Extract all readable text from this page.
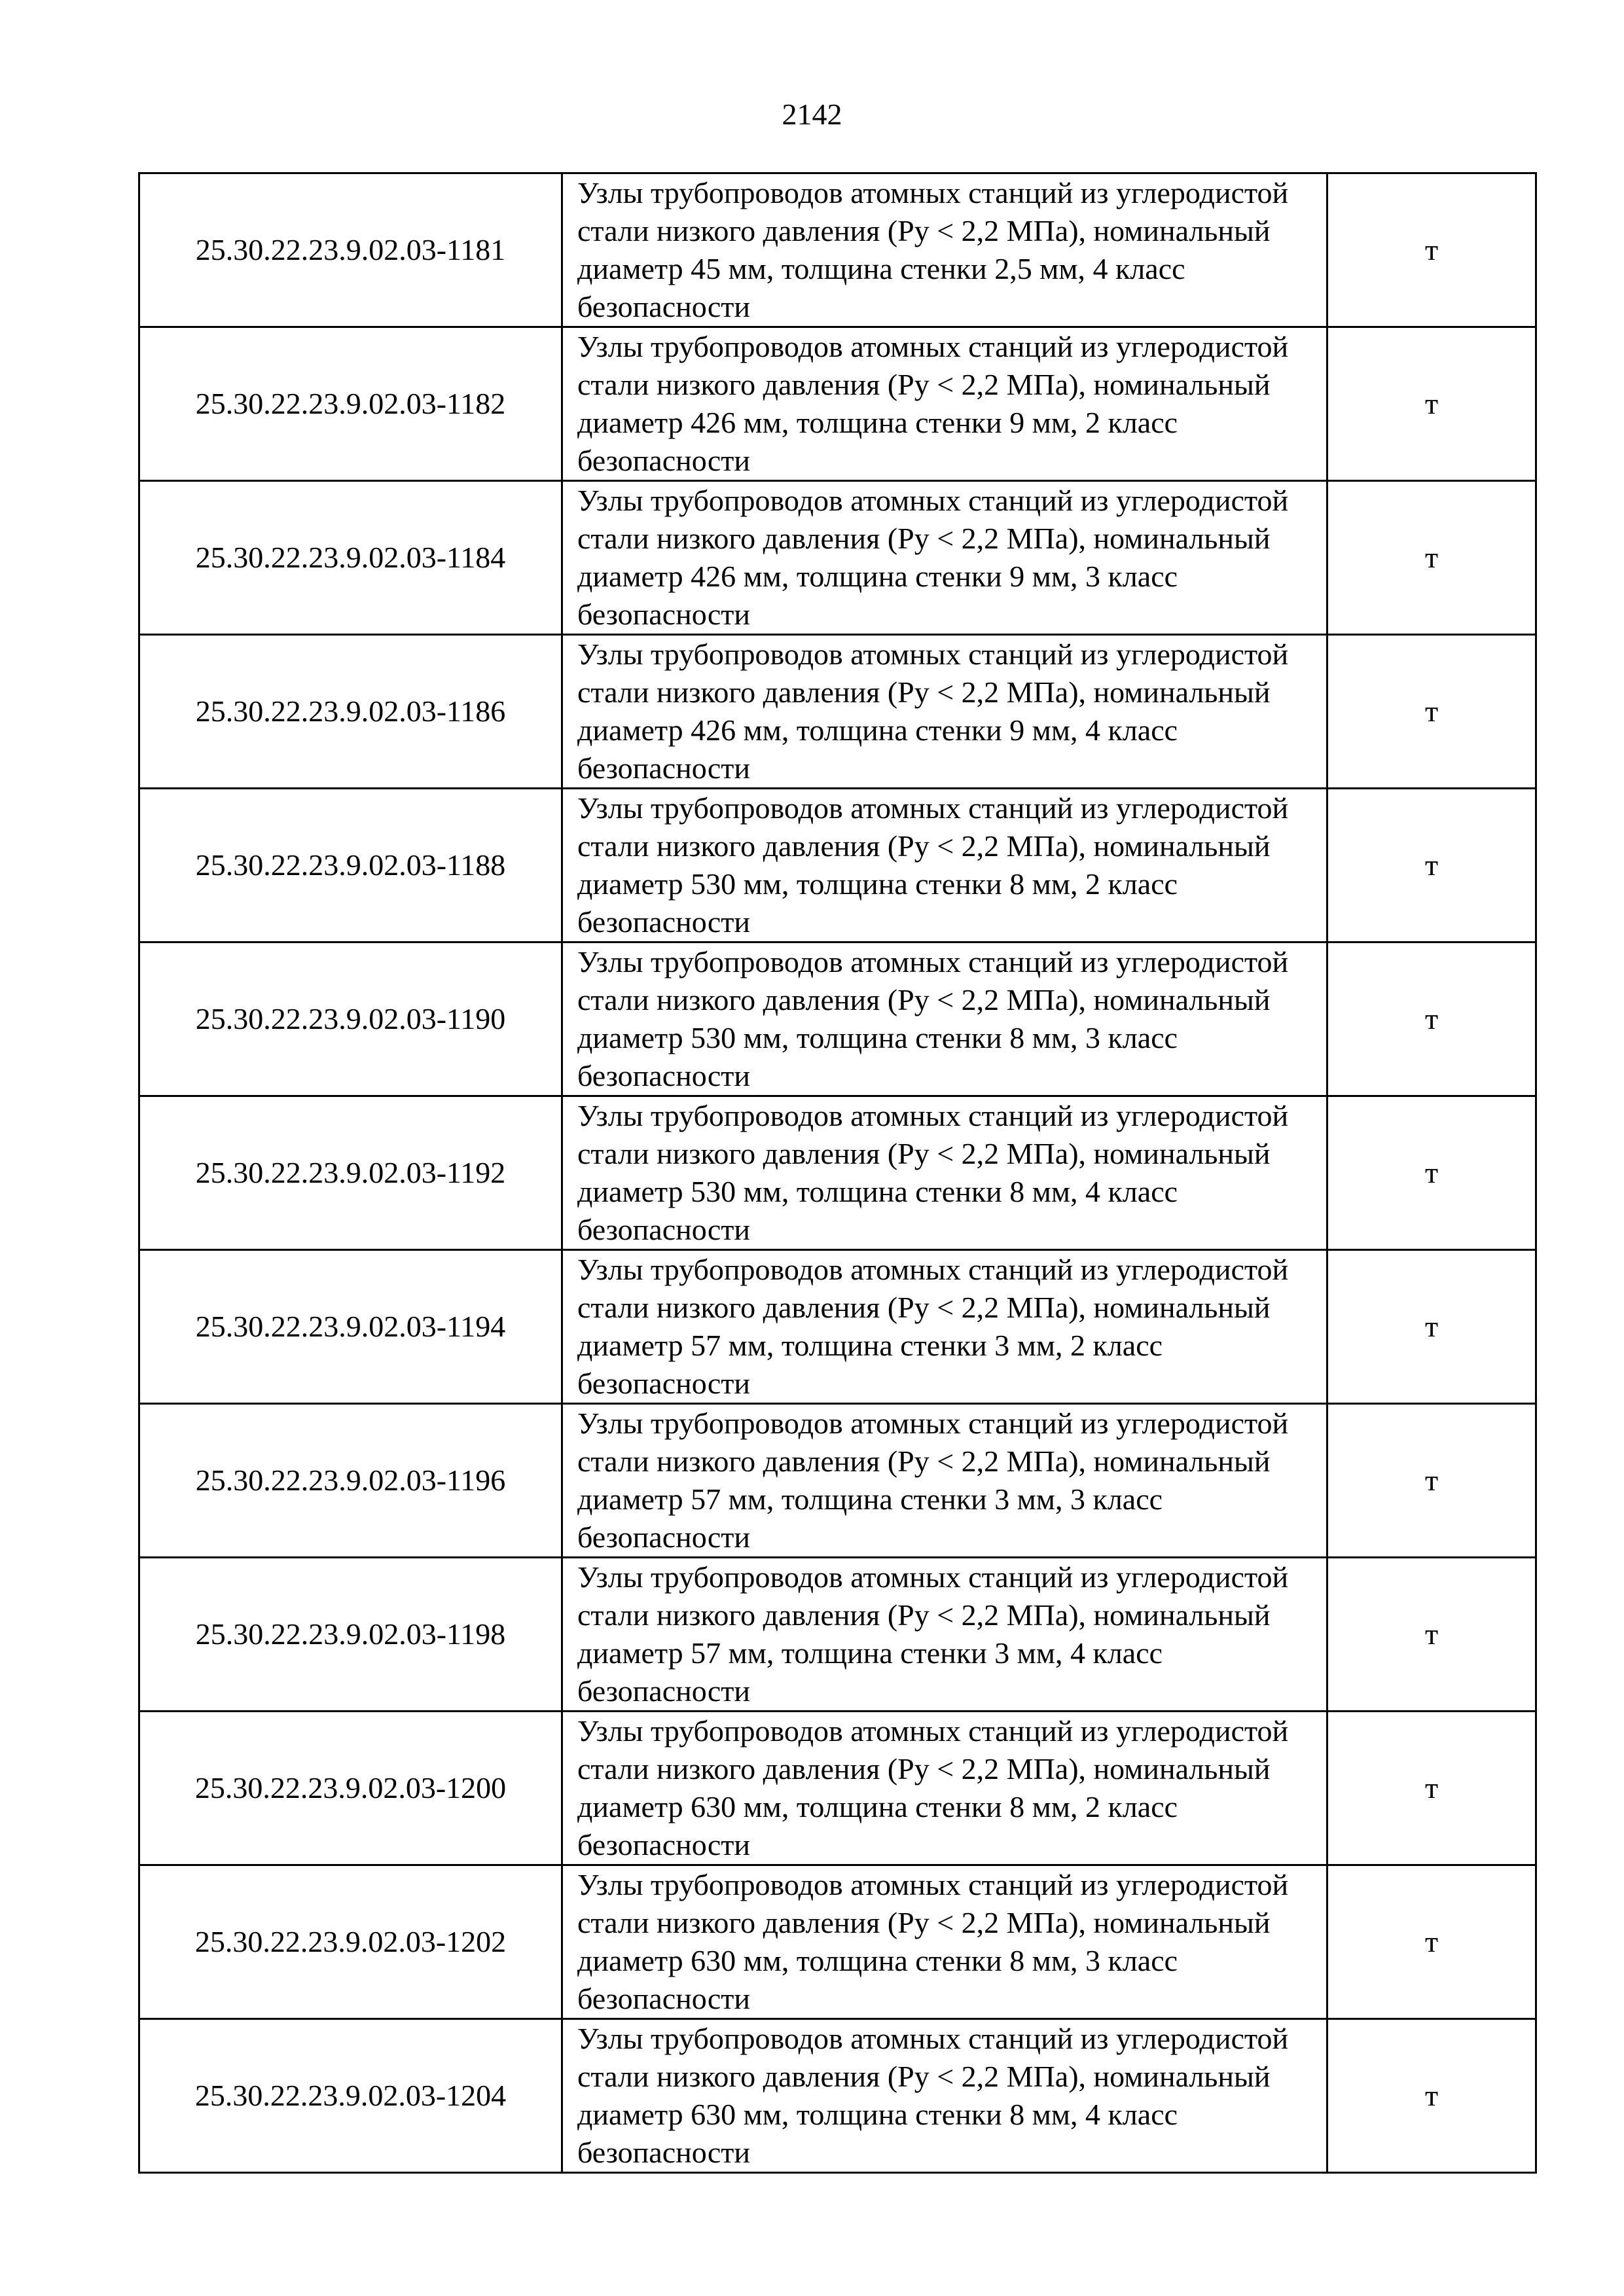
2142
25.30.22.23.9.02.03-1181	Узлы трубопроводов атомных станций из углеродистой стали низкого давления (Ру < 2,2 МПа), номинальный диаметр 45 мм, толщина стенки 2,5 мм, 4 класс безопасности	т
25.30.22.23.9.02.03-1182	Узлы трубопроводов атомных станций из углеродистой стали низкого давления (Ру < 2,2 МПа), номинальный диаметр 426 мм, толщина стенки 9 мм, 2 класс безопасности	т
25.30.22.23.9.02.03-1184	Узлы трубопроводов атомных станций из углеродистой стали низкого давления (Ру < 2,2 МПа), номинальный диаметр 426 мм, толщина стенки 9 мм, 3 класс безопасности	т
25.30.22.23.9.02.03-1186	Узлы трубопроводов атомных станций из углеродистой стали низкого давления (Ру < 2,2 МПа), номинальный диаметр 426 мм, толщина стенки 9 мм, 4 класс безопасности	т
25.30.22.23.9.02.03-1188	Узлы трубопроводов атомных станций из углеродистой стали низкого давления (Ру < 2,2 МПа), номинальный диаметр 530 мм, толщина стенки 8 мм, 2 класс безопасности	т
25.30.22.23.9.02.03-1190	Узлы трубопроводов атомных станций из углеродистой стали низкого давления (Ру < 2,2 МПа), номинальный диаметр 530 мм, толщина стенки 8 мм, 3 класс безопасности	т
25.30.22.23.9.02.03-1192	Узлы трубопроводов атомных станций из углеродистой стали низкого давления (Ру < 2,2 МПа), номинальный диаметр 530 мм, толщина стенки 8 мм, 4 класс безопасности	т
25.30.22.23.9.02.03-1194	Узлы трубопроводов атомных станций из углеродистой стали низкого давления (Ру < 2,2 МПа), номинальный диаметр 57 мм, толщина стенки 3 мм, 2 класс безопасности	т
25.30.22.23.9.02.03-1196	Узлы трубопроводов атомных станций из углеродистой стали низкого давления (Ру < 2,2 МПа), номинальный диаметр 57 мм, толщина стенки 3 мм, 3 класс безопасности	т
25.30.22.23.9.02.03-1198	Узлы трубопроводов атомных станций из углеродистой стали низкого давления (Ру < 2,2 МПа), номинальный диаметр 57 мм, толщина стенки 3 мм, 4 класс безопасности	т
25.30.22.23.9.02.03-1200	Узлы трубопроводов атомных станций из углеродистой стали низкого давления (Ру < 2,2 МПа), номинальный диаметр 630 мм, толщина стенки 8 мм, 2 класс безопасности	т
25.30.22.23.9.02.03-1202	Узлы трубопроводов атомных станций из углеродистой стали низкого давления (Ру < 2,2 МПа), номинальный диаметр 630 мм, толщина стенки 8 мм, 3 класс безопасности	т
25.30.22.23.9.02.03-1204	Узлы трубопроводов атомных станций из углеродистой стали низкого давления (Ру < 2,2 МПа), номинальный диаметр 630 мм, толщина стенки 8 мм, 4 класс безопасности	т
